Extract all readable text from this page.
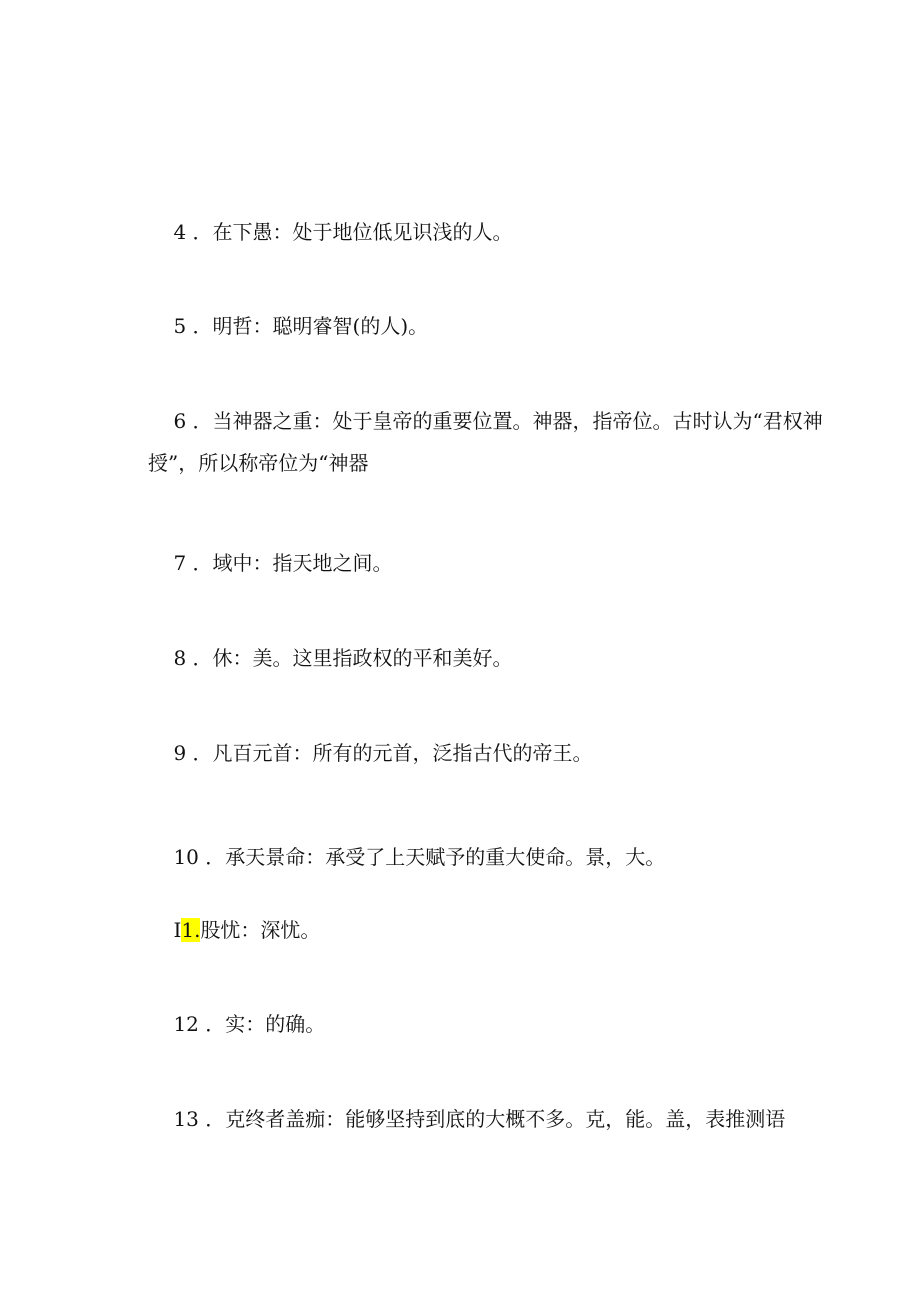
4 ．在下愚：处于地位低见识浅的人。

5 ．明哲：聪明睿智(的人)。

6 ．当神器之重：处于皇帝的重要位置。神器，指帝位。古时认为“君权神授”，所以称帝位为“神器

7 ．域中：指天地之间。

8 ．休：美。这里指政权的平和美好。

9 ．凡百元首：所有的元首，泛指古代的帝王。

10 ．承天景命：承受了上天赋予的重大使命。景，大。

I1.股忧：深忧。

12 ．实：的确。

13 ．克终者盖痂：能够坚持到底的大概不多。克，能。盖，表推测语
